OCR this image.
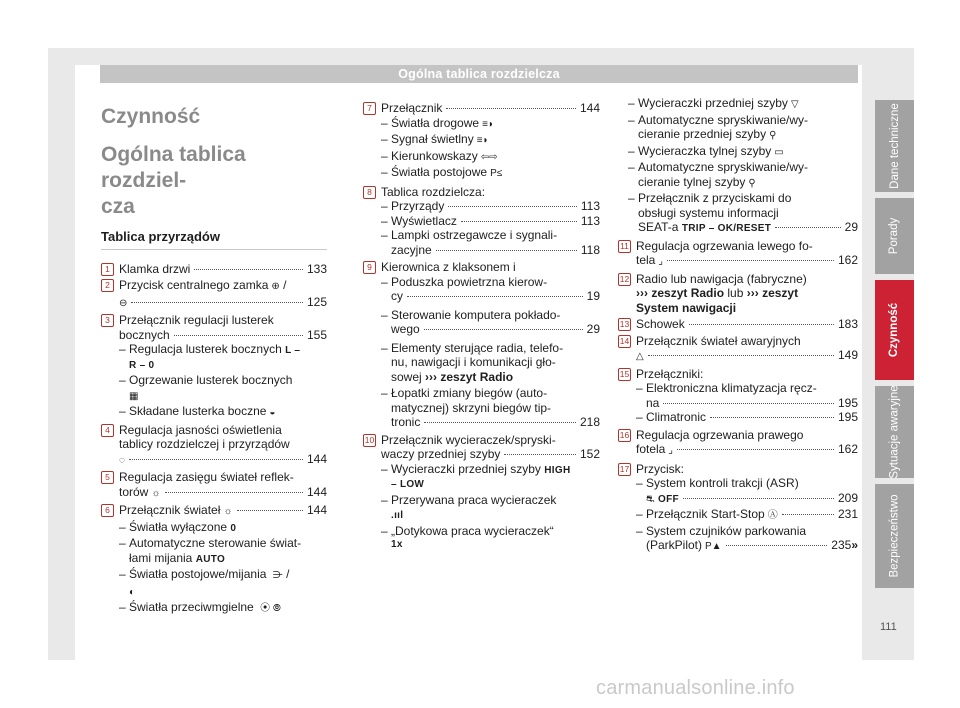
Ogólna tablica rozdzielcza
Czynność
Ogólna tablica rozdziel-
cza
Tablica przyrządów
1 Klamka drzwi	133
2 Przycisk centralnego zamka ⊕ /
⊖	125
3 Przełącznik regulacji lusterek
bocznych	155
– Regulacja lusterek bocznych L –
R – 0
– Ogrzewanie lusterek bocznych
▦
– Składane lusterka boczne ◒
4 Regulacja jasności oświetlenia
tablicy rozdzielczej i przyrządów
◌	144
5 Regulacja zasięgu świateł reflek-
torów ☼	144
6 Przełącznik świateł ☼	144
– Światła wyłączone 0
– Automatyczne sterowanie świat-
łami mijania AUTO
– Światła postojowe/mijania ⋺ /
◐
– Światła przeciwmgielne ⦿ ⦾
7 Przełącznik	144
– Światła drogowe ≡◗
– Sygnał świetlny ≡◗
– Kierunkowskazy ⇦⇨
– Światła postojowe P≤
8 Tablica rozdzielcza:
– Przyrządy	113
– Wyświetlacz	113
– Lampki ostrzegawcze i sygnali-
zacyjne	118
9 Kierownica z klaksonem i
– Poduszka powietrzna kierow-
cy	19
– Sterowanie komputera pokłado-
wego	29
– Elementy sterujące radia, telefo-
nu, nawigacji i komunikacji gło-
sowej ››› zeszyt Radio
– Łopatki zmiany biegów (auto-
matycznej) skrzyni biegów tip-
tronic	218
10 Przełącznik wycieraczek/spryski-
waczy przedniej szyby	152
– Wycieraczki przedniej szyby HIGH
– LOW
– Przerywana praca wycieraczek
.ııl
– „Dotykowa praca wycieraczek“
1x
– Wycieraczki przedniej szyby ▽
– Automatyczne spryskiwanie/wy-
cieranie przedniej szyby ⚲
– Wycieraczka tylnej szyby ▭
– Automatyczne spryskiwanie/wy-
cieranie tylnej szyby ⚲
– Przełącznik z przyciskami do
obsługi systemu informacji
SEAT-a TRIP – OK/RESET	29
11 Regulacja ogrzewania lewego fo-
tela ⌟	162
12 Radio lub nawigacja (fabryczne)
››› zeszyt Radio lub ››› zeszyt
System nawigacji
13 Schowek	183
14 Przełącznik świateł awaryjnych
△	149
15 Przełączniki:
– Elektroniczna klimatyzacja ręcz-
na	195
– Climatronic	195
16 Regulacja ogrzewania prawego
fotela ⌟	162
17 Przycisk:
– System kontroli trakcji (ASR)
⛐ OFF	209
– Przełącznik Start-Stop Ⓐ	231
– System czujników parkowania
(ParkPilot) P▲	235»
Dane techniczne
Porady
Czynność
Sytuacje awaryjne
Bezpieczeństwo
111
carmanualsonline.info
